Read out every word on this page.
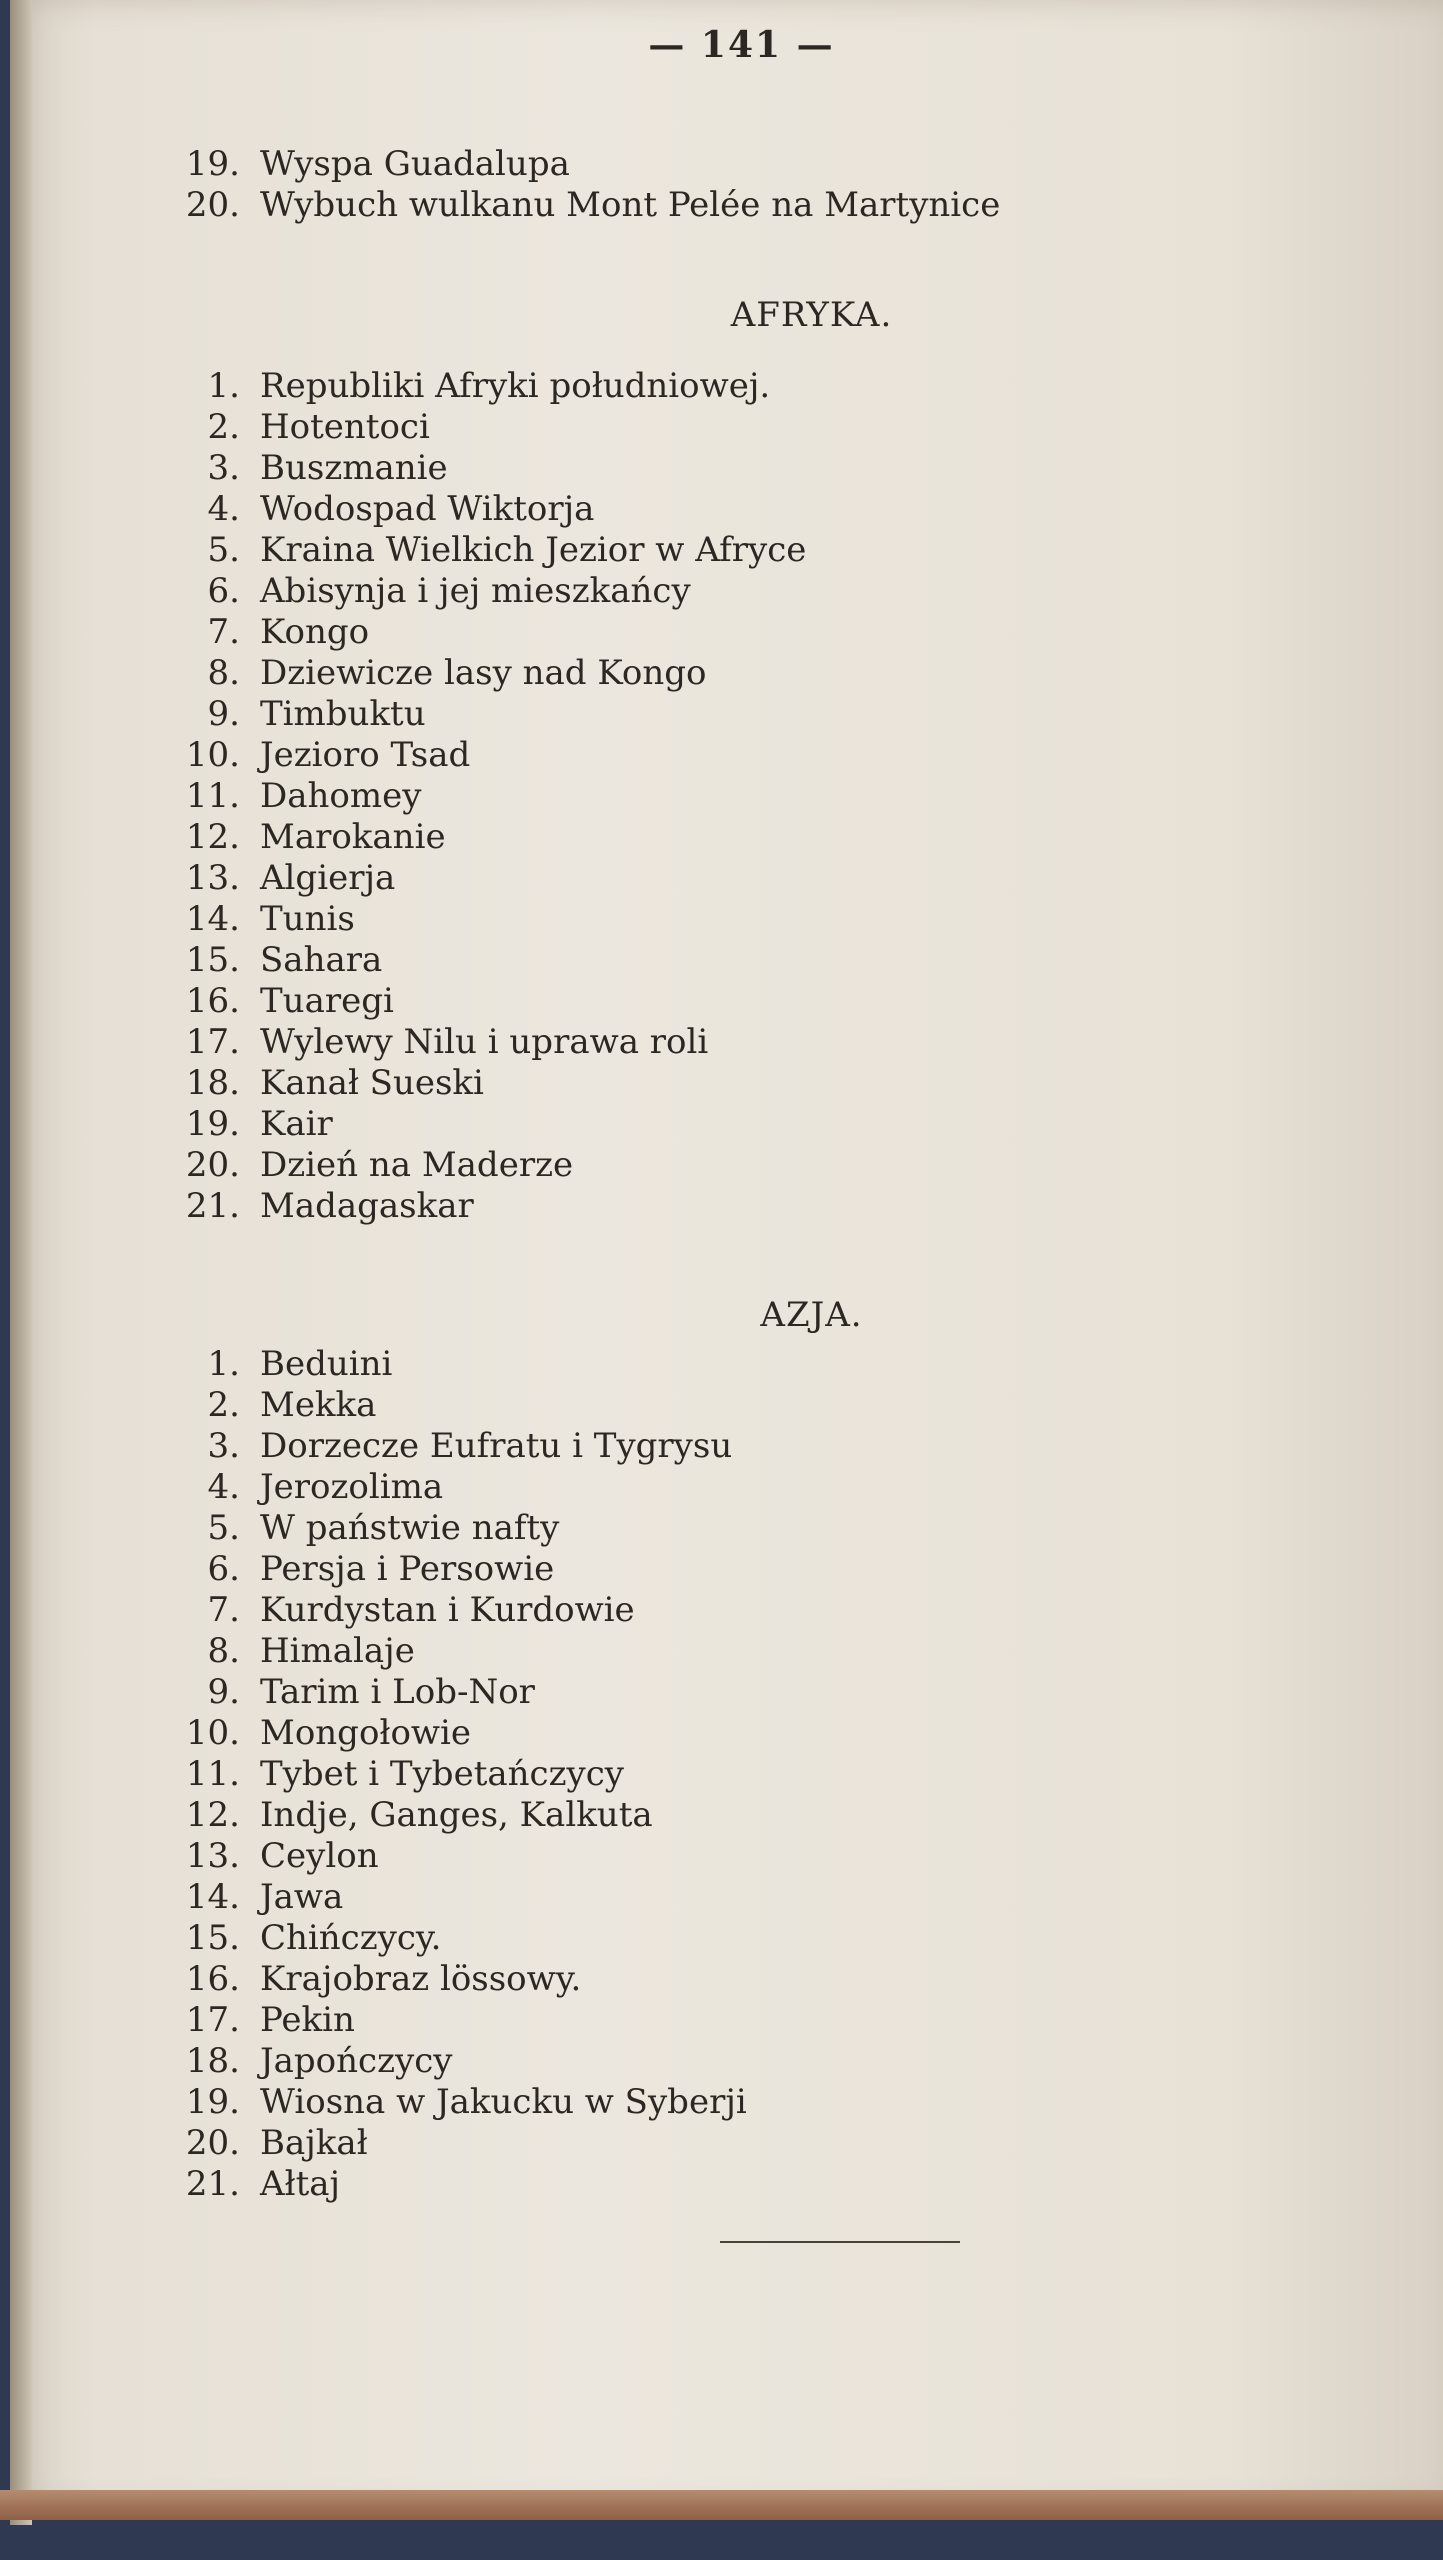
— 141 —
19. Wyspa Guadalupa
20. Wybuch wulkanu Mont Pelée na Martynice
AFRYKA.
1. Republiki Afryki południowej.
2. Hotentoci
3. Buszmanie
4. Wodospad Wiktorja
5. Kraina Wielkich Jezior w Afryce
6. Abisynja i jej mieszkańcy
7. Kongo
8. Dziewicze lasy nad Kongo
9. Timbuktu
10. Jezioro Tsad
11. Dahomey
12. Marokanie
13. Algierja
14. Tunis
15. Sahara
16. Tuaregi
17. Wylewy Nilu i uprawa roli
18. Kanał Sueski
19. Kair
20. Dzień na Maderze
21. Madagaskar
AZJA.
1. Beduini
2. Mekka
3. Dorzecze Eufratu i Tygrysu
4. Jerozolima
5. W państwie nafty
6. Persja i Persowie
7. Kurdystan i Kurdowie
8. Himalaje
9. Tarim i Lob-Nor
10. Mongołowie
11. Tybet i Tybetańczycy
12. Indje, Ganges, Kalkuta
13. Ceylon
14. Jawa
15. Chińczycy.
16. Krajobraz lössowy.
17. Pekin
18. Japończycy
19. Wiosna w Jakucku w Syberji
20. Bajkał
21. Ałtaj
